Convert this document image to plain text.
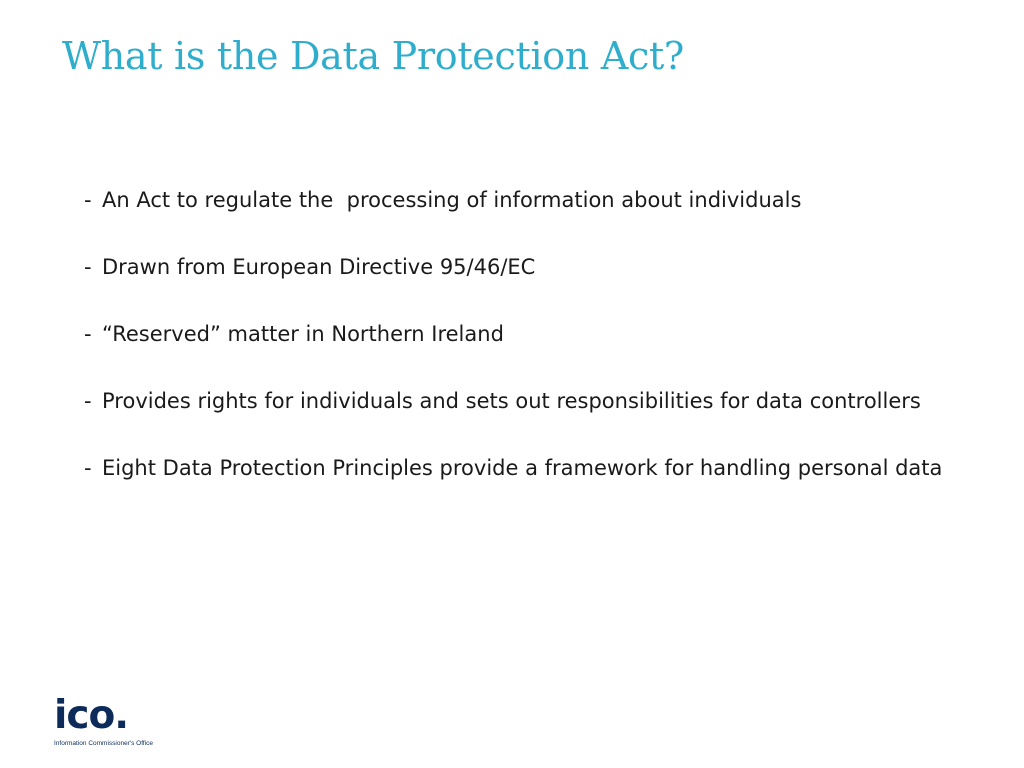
What is the Data Protection Act?
- An Act to regulate the  processing of information about individuals
- Drawn from European Directive 95/46/EC
- “Reserved” matter in Northern Ireland
- Provides rights for individuals and sets out responsibilities for data controllers
- Eight Data Protection Principles provide a framework for handling personal data
ico.
Information Commissioner's Office
